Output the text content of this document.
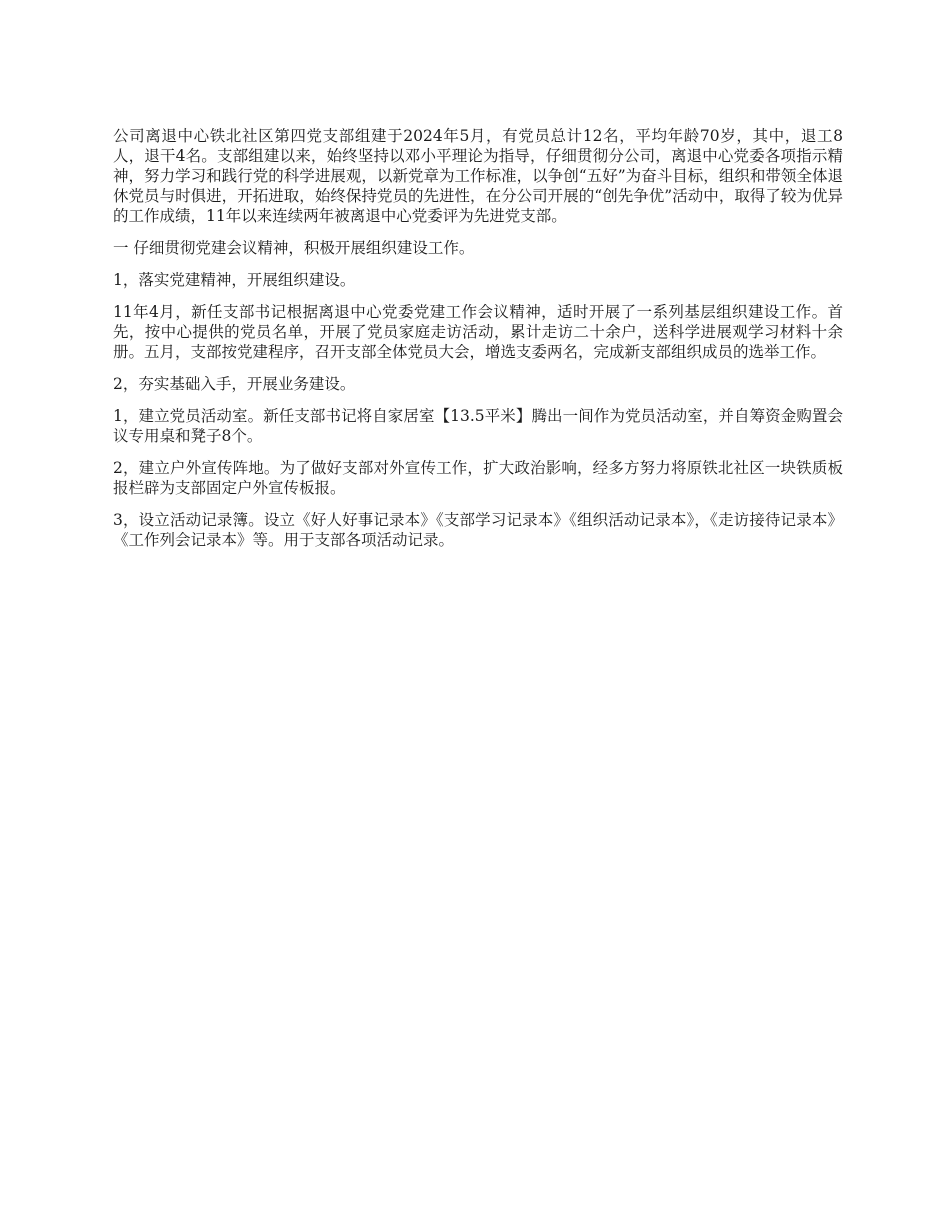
公司离退中心铁北社区第四党支部组建于2024年5月，有党员总计12名，平均年龄70岁，其中，退工8人，退干4名。支部组建以来，始终坚持以邓小平理论为指导，仔细贯彻分公司，离退中心党委各项指示精神，努力学习和践行党的科学进展观，以新党章为工作标准，以争创“五好”为奋斗目标，组织和带领全体退休党员与时俱进，开拓进取，始终保持党员的先进性，在分公司开展的“创先争优”活动中，取得了较为优异的工作成绩，11年以来连续两年被离退中心党委评为先进党支部。

一 仔细贯彻党建会议精神，积极开展组织建设工作。

1，落实党建精神，开展组织建设。

11年4月，新任支部书记根据离退中心党委党建工作会议精神，适时开展了一系列基层组织建设工作。首先，按中心提供的党员名单，开展了党员家庭走访活动，累计走访二十余户，送科学进展观学习材料十余册。五月，支部按党建程序，召开支部全体党员大会，增选支委两名，完成新支部组织成员的选举工作。

2，夯实基础入手，开展业务建设。

1，建立党员活动室。新任支部书记将自家居室【13.5平米】腾出一间作为党员活动室，并自筹资金购置会议专用桌和凳子8个。

2，建立户外宣传阵地。为了做好支部对外宣传工作，扩大政治影响，经多方努力将原铁北社区一块铁质板报栏辟为支部固定户外宣传板报。

3，设立活动记录簿。设立《好人好事记录本》《支部学习记录本》《组织活动记录本》，《走访接待记录本》《工作列会记录本》等。用于支部各项活动记录。
